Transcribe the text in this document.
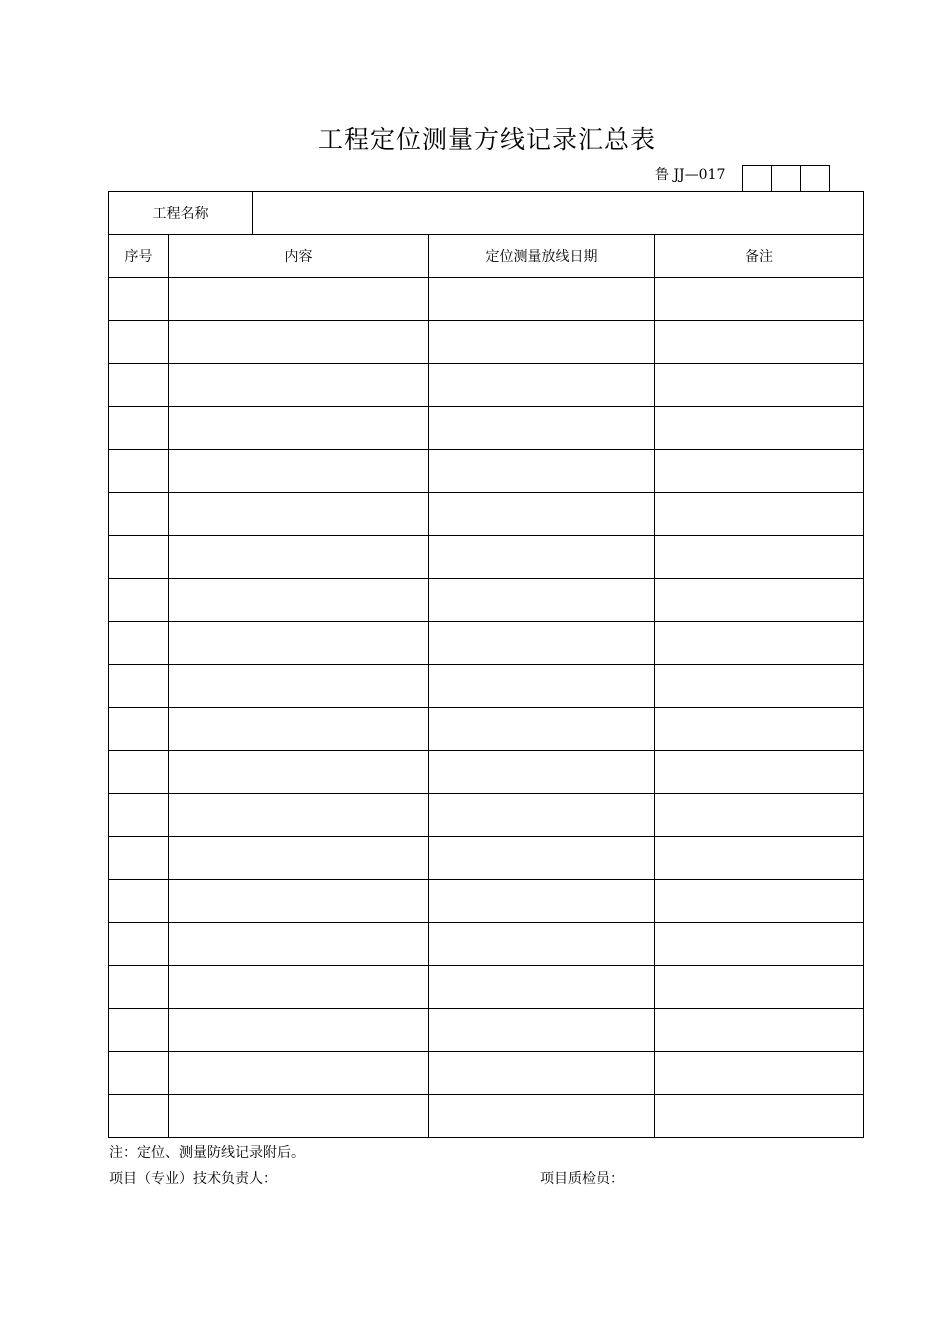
工程定位测量方线记录汇总表
鲁 JJ—017
工程名称				
序号	内容		定位测量放线日期	备注

注：定位、测量防线记录附后。
项目（专业）技术负责人：	项目质检员：
